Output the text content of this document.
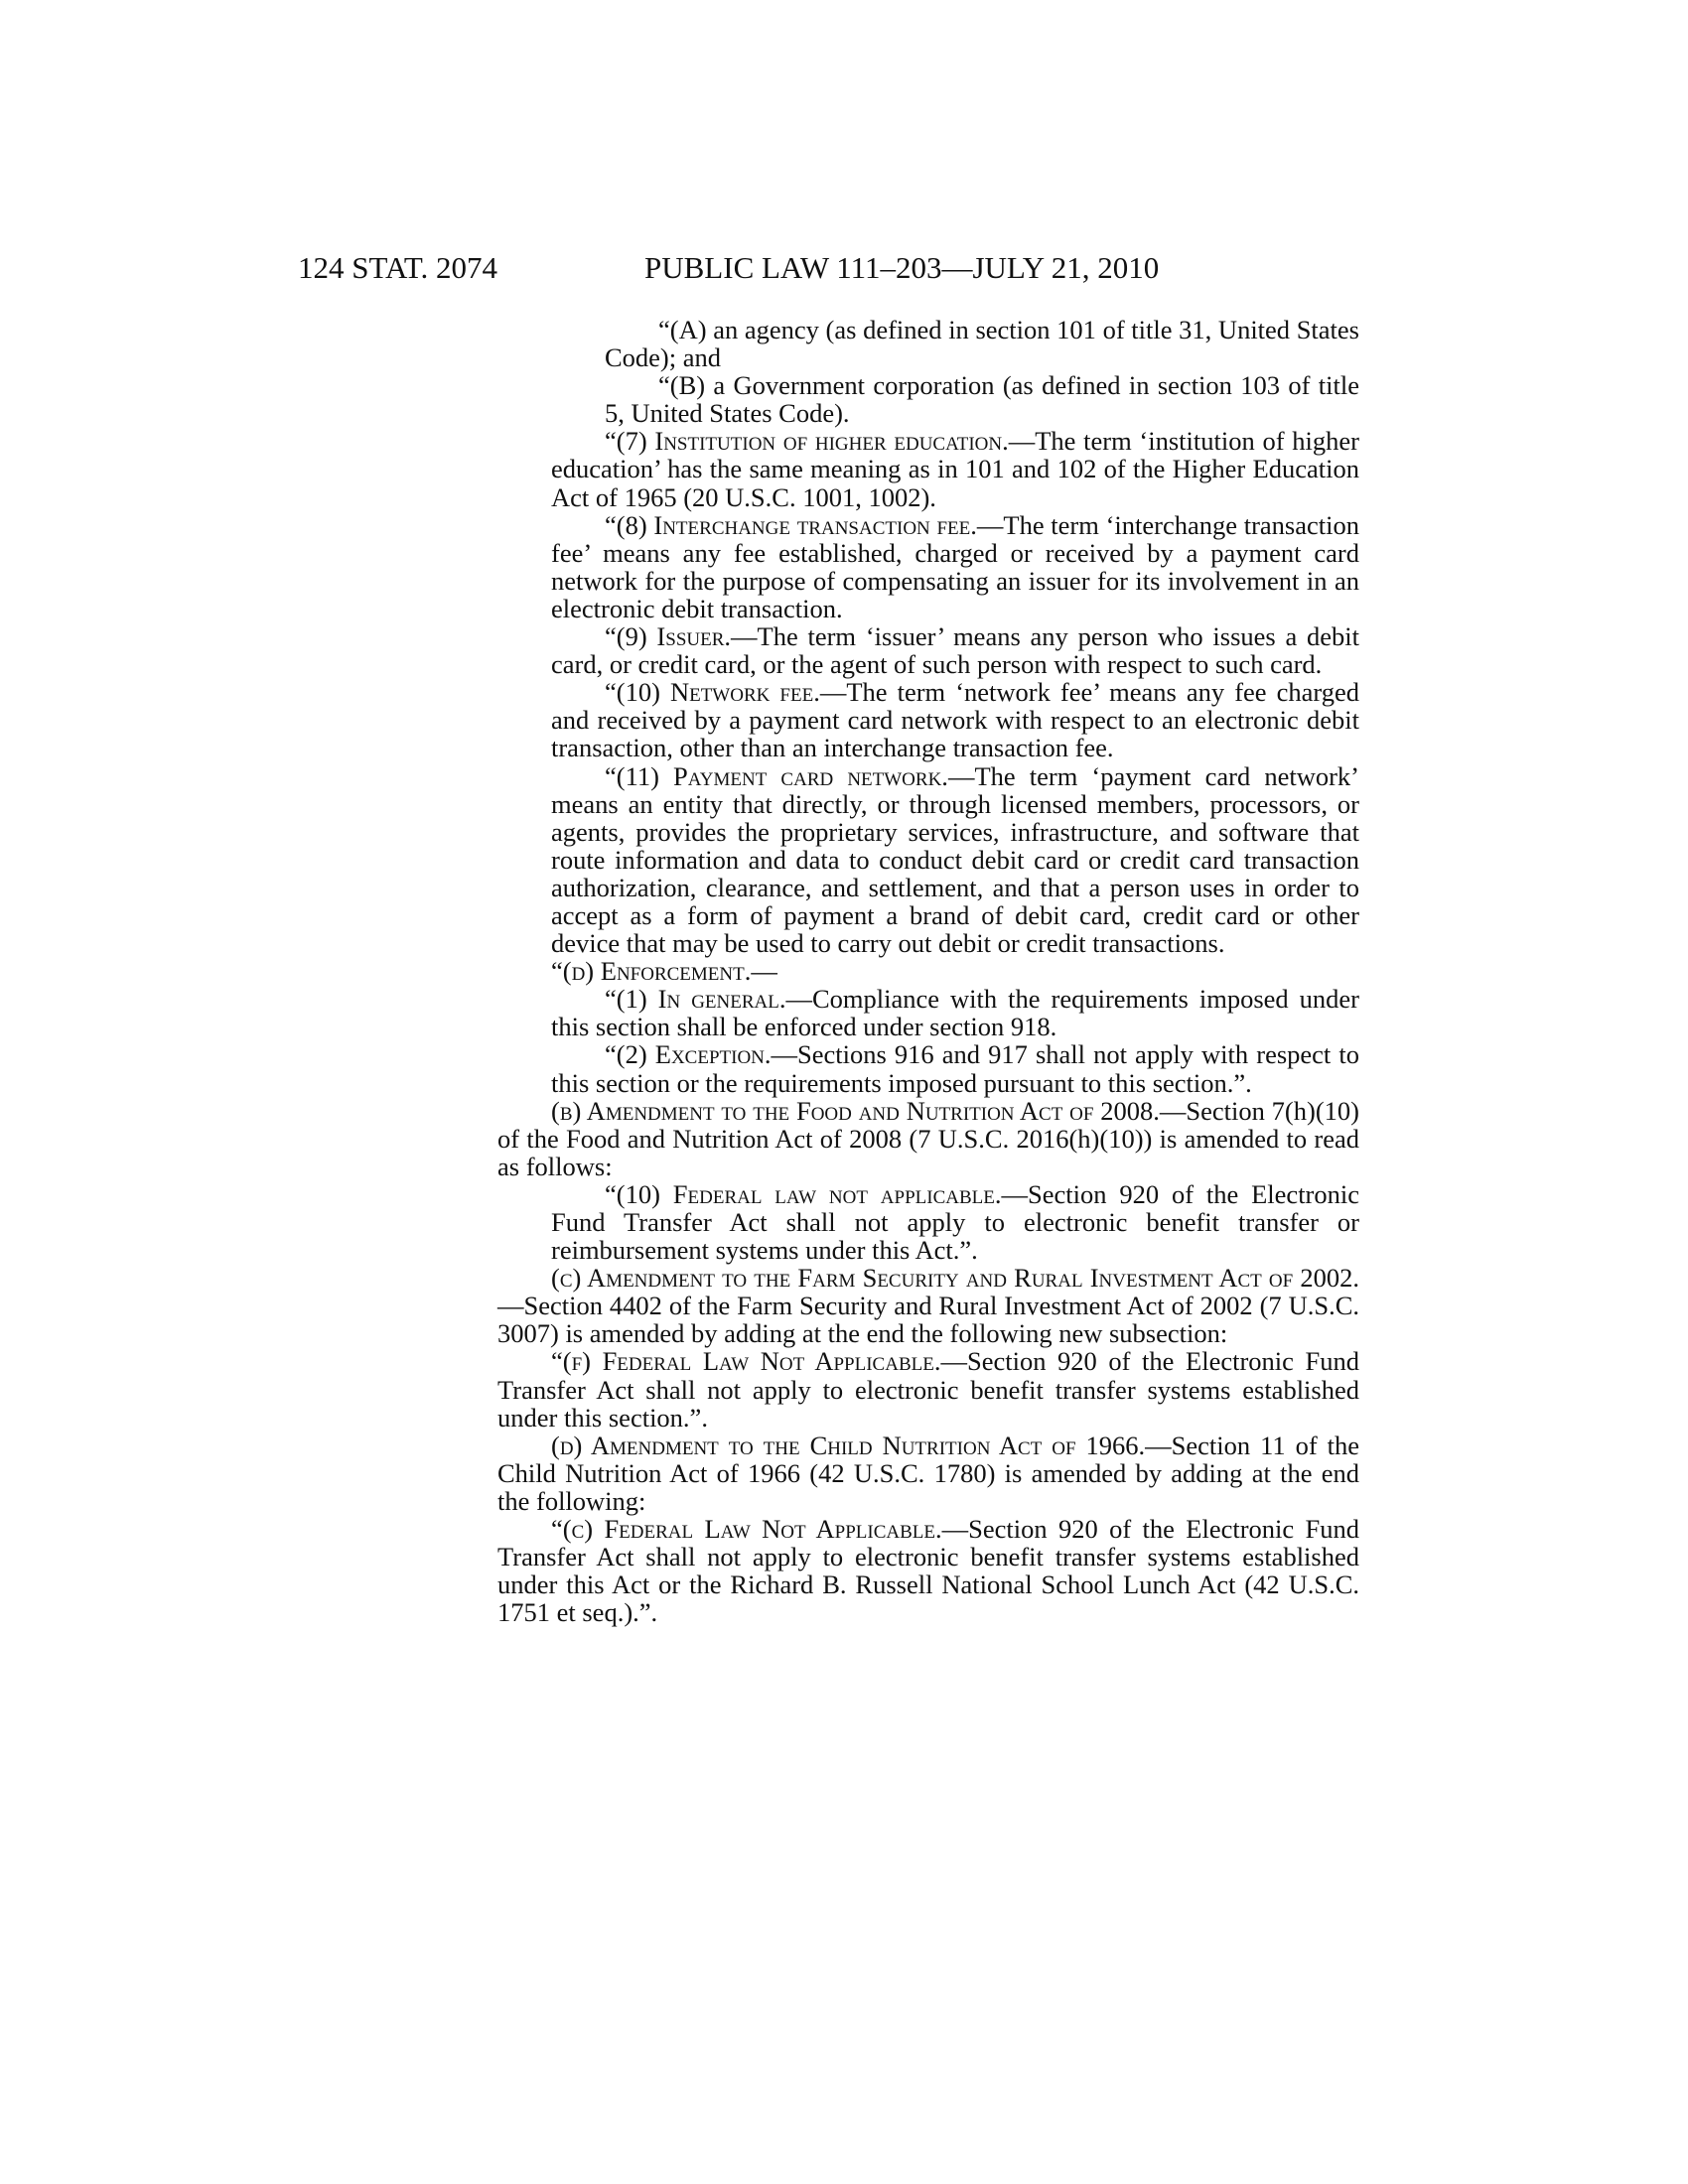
124 STAT. 2074	PUBLIC LAW 111–203—JULY 21, 2010

“(A) an agency (as defined in section 101 of title 31, United States Code); and

“(B) a Government corporation (as defined in section 103 of title 5, United States Code).

“(7) Institution of higher education.—The term ‘institution of higher education’ has the same meaning as in 101 and 102 of the Higher Education Act of 1965 (20 U.S.C. 1001, 1002).

“(8) Interchange transaction fee.—The term ‘interchange transaction fee’ means any fee established, charged or received by a payment card network for the purpose of compensating an issuer for its involvement in an electronic debit transaction.

“(9) Issuer.—The term ‘issuer’ means any person who issues a debit card, or credit card, or the agent of such person with respect to such card.

“(10) Network fee.—The term ‘network fee’ means any fee charged and received by a payment card network with respect to an electronic debit transaction, other than an interchange transaction fee.

“(11) Payment card network.—The term ‘payment card network’ means an entity that directly, or through licensed members, processors, or agents, provides the proprietary services, infrastructure, and software that route information and data to conduct debit card or credit card transaction authorization, clearance, and settlement, and that a person uses in order to accept as a form of payment a brand of debit card, credit card or other device that may be used to carry out debit or credit transactions.

“(d) Enforcement.—

“(1) In general.—Compliance with the requirements imposed under this section shall be enforced under section 918.

“(2) Exception.—Sections 916 and 917 shall not apply with respect to this section or the requirements imposed pursuant to this section.”.

(b) Amendment to the Food and Nutrition Act of 2008.—Section 7(h)(10) of the Food and Nutrition Act of 2008 (7 U.S.C. 2016(h)(10)) is amended to read as follows:

“(10) Federal law not applicable.—Section 920 of the Electronic Fund Transfer Act shall not apply to electronic benefit transfer or reimbursement systems under this Act.”.

(c) Amendment to the Farm Security and Rural Investment Act of 2002.—Section 4402 of the Farm Security and Rural Investment Act of 2002 (7 U.S.C. 3007) is amended by adding at the end the following new subsection:

“(f) Federal Law Not Applicable.—Section 920 of the Electronic Fund Transfer Act shall not apply to electronic benefit transfer systems established under this section.”.

(d) Amendment to the Child Nutrition Act of 1966.—Section 11 of the Child Nutrition Act of 1966 (42 U.S.C. 1780) is amended by adding at the end the following:

“(c) Federal Law Not Applicable.—Section 920 of the Electronic Fund Transfer Act shall not apply to electronic benefit transfer systems established under this Act or the Richard B. Russell National School Lunch Act (42 U.S.C. 1751 et seq.).”.
